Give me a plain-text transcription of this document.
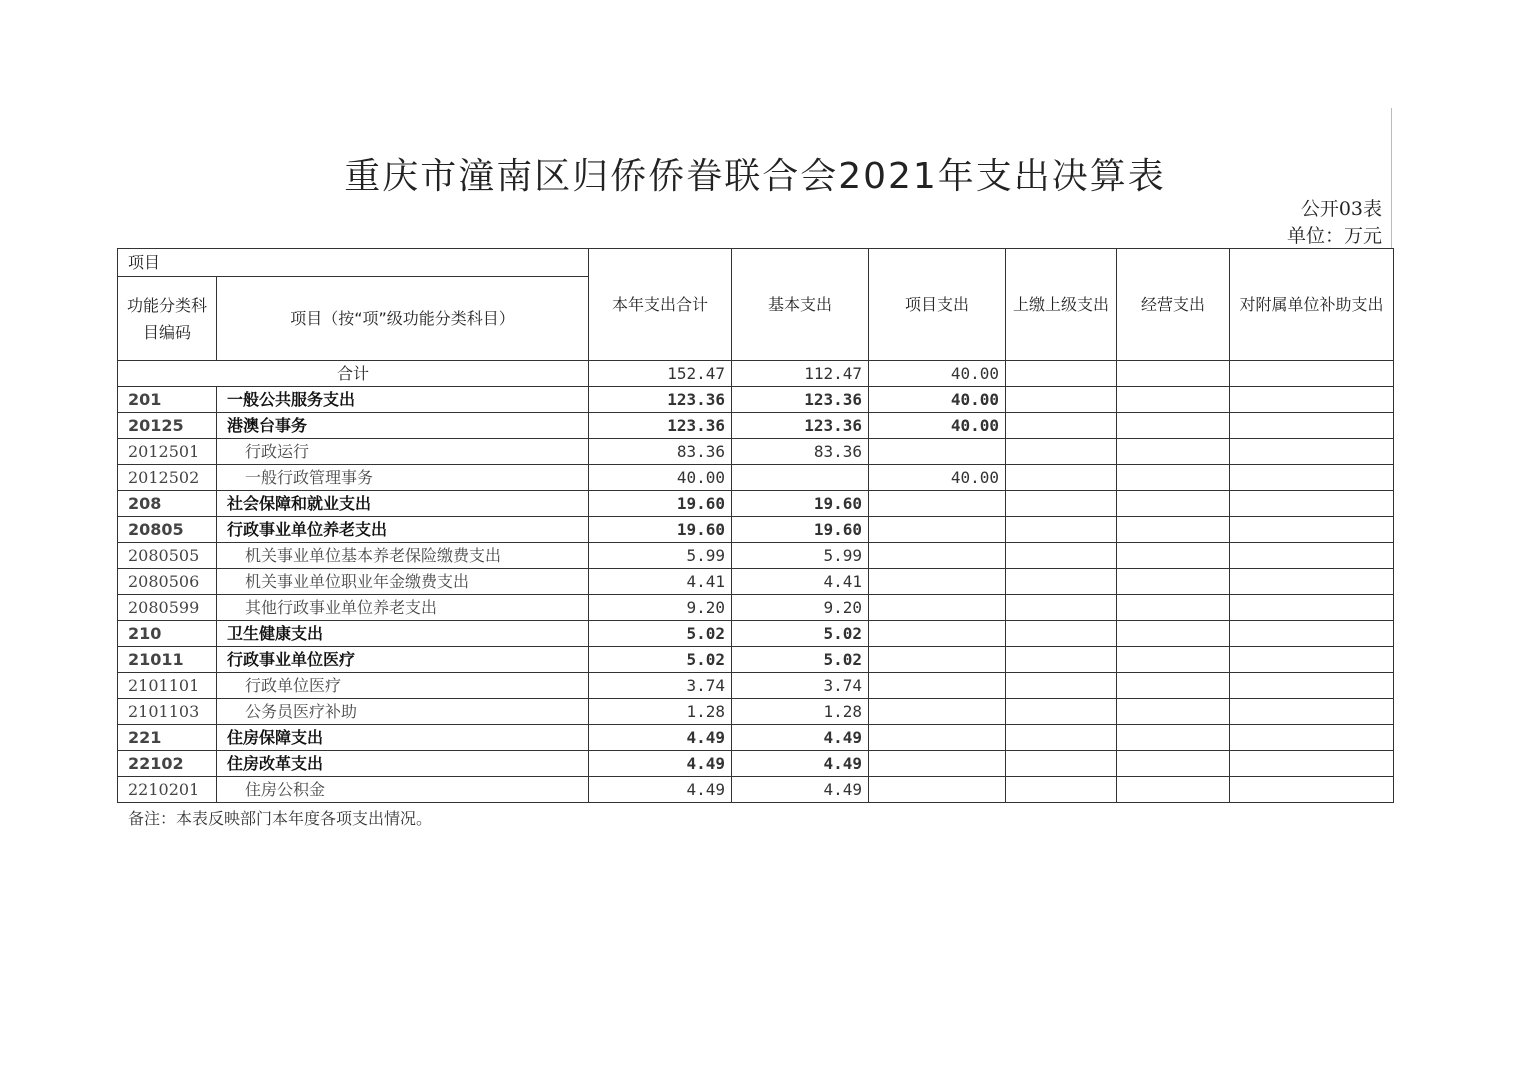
重庆市潼南区归侨侨眷联合会2021年支出决算表
公开03表
单位：万元
项目		本年支出合计	基本支出	项目支出	上缴上级支出	经营支出	对附属单位补助支出
功能分类科目编码	项目（按“项”级功能分类科目）						
合计		152.47	112.47	40.00			
201	一般公共服务支出	123.36	123.36	40.00			
20125	港澳台事务	123.36	123.36	40.00			
2012501	行政运行	83.36	83.36				
2012502	一般行政管理事务	40.00		40.00			
208	社会保障和就业支出	19.60	19.60				
20805	行政事业单位养老支出	19.60	19.60				
2080505	机关事业单位基本养老保险缴费支出	5.99	5.99				
2080506	机关事业单位职业年金缴费支出	4.41	4.41				
2080599	其他行政事业单位养老支出	9.20	9.20				
210	卫生健康支出	5.02	5.02				
21011	行政事业单位医疗	5.02	5.02				
2101101	行政单位医疗	3.74	3.74				
2101103	公务员医疗补助	1.28	1.28				
221	住房保障支出	4.49	4.49				
22102	住房改革支出	4.49	4.49				
2210201	住房公积金	4.49	4.49				
备注：本表反映部门本年度各项支出情况。
